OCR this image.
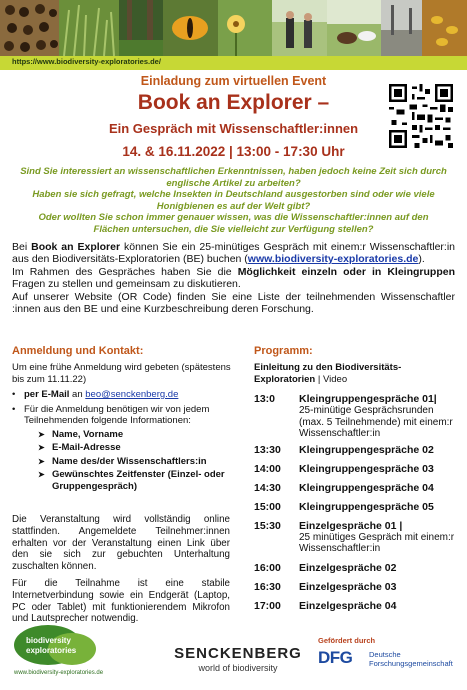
https://www.biodiversity-exploratories.de/
Einladung zum virtuellen Event
Book an Explorer –
Ein Gespräch mit Wissenschaftler:innen
14. & 16.11.2022 | 13:00 - 17:30 Uhr
Sind Sie interessiert an wissenschaftlichen Erkenntnissen, haben jedoch keine Zeit sich durch englische Artikel zu arbeiten?
Haben sie sich gefragt, welche Insekten in Deutschland ausgestorben sind oder wie viele Honigbienen es auf der Welt gibt?
Oder wollten Sie schon immer genauer wissen, was die Wissenschaftler:innen auf den Flächen untersuchen, die Sie vielleicht zur Verfügung stellen?

Bei Book an Explorer können Sie ein 25-minütiges Gespräch mit einem:r Wissenschaftler:in aus den Biodiversitäts-Exploratorien (BE) buchen (www.biodiversity-exploratories.de).

Im Rahmen des Gespräches haben Sie die Möglichkeit einzeln oder in Kleingruppen Fragen zu stellen und gemeinsam zu diskutieren.

Auf unserer Website (OR Code) finden Sie eine Liste der teilnehmenden Wissenschaftler :innen aus den BE und eine Kurzbeschreibung deren Forschung.

Anmeldung und Kontakt:
Um eine frühe Anmeldung wird gebeten (spätestens bis zum 11.11.22)
• per E-Mail an beo@senckenberg.de
• Für die Anmeldung benötigen wir von jedem Teilnehmenden folgende Informationen:
➤ Name, Vorname
➤ E-Mail-Adresse
➤ Name des/der Wissenschaftlers:in
➤ Gewünschtes Zeitfenster (Einzel- oder Gruppengespräch)
Die Veranstaltung wird vollständig online stattfinden. Angemeldete Teilnehmer:innen erhalten vor der Veranstaltung einen Link über den sie sich zur gebuchten Unterhaltung zuschalten können.
Für die Teilnahme ist eine stabile Internetverbindung sowie ein Endgerät (Laptop, PC oder Tablet) mit funktionierendem Mikrofon und Lautsprecher notwendig.
Programm:
Einleitung zu den Biodiversitäts-Exploratorien | Video
13:0	Kleingruppengespräche 01|
25-minütige Gesprächsrunden (max. 5 Teilnehmende) mit einem:r Wissenschaftler:in
13:30	Kleingruppengespräche 02
14:00	Kleingruppengespräche 03
14:30	Kleingruppengespräche 04
15:00	Kleingruppengespräche 05
15:30	Einzelgespräche 01 |
25 minütiges Gespräch mit einem:r Wissenschaftler:in
16:00	Einzelgespräche 02
16:30	Einzelgespräche 03
17:00	Einzelgespräche 04
biodiversity
exploratories
www.biodiversity-exploratories.de
SENCKENBERG
world of biodiversity
Gefördert durch
DFG Deutsche Forschungsgemeinschaft
